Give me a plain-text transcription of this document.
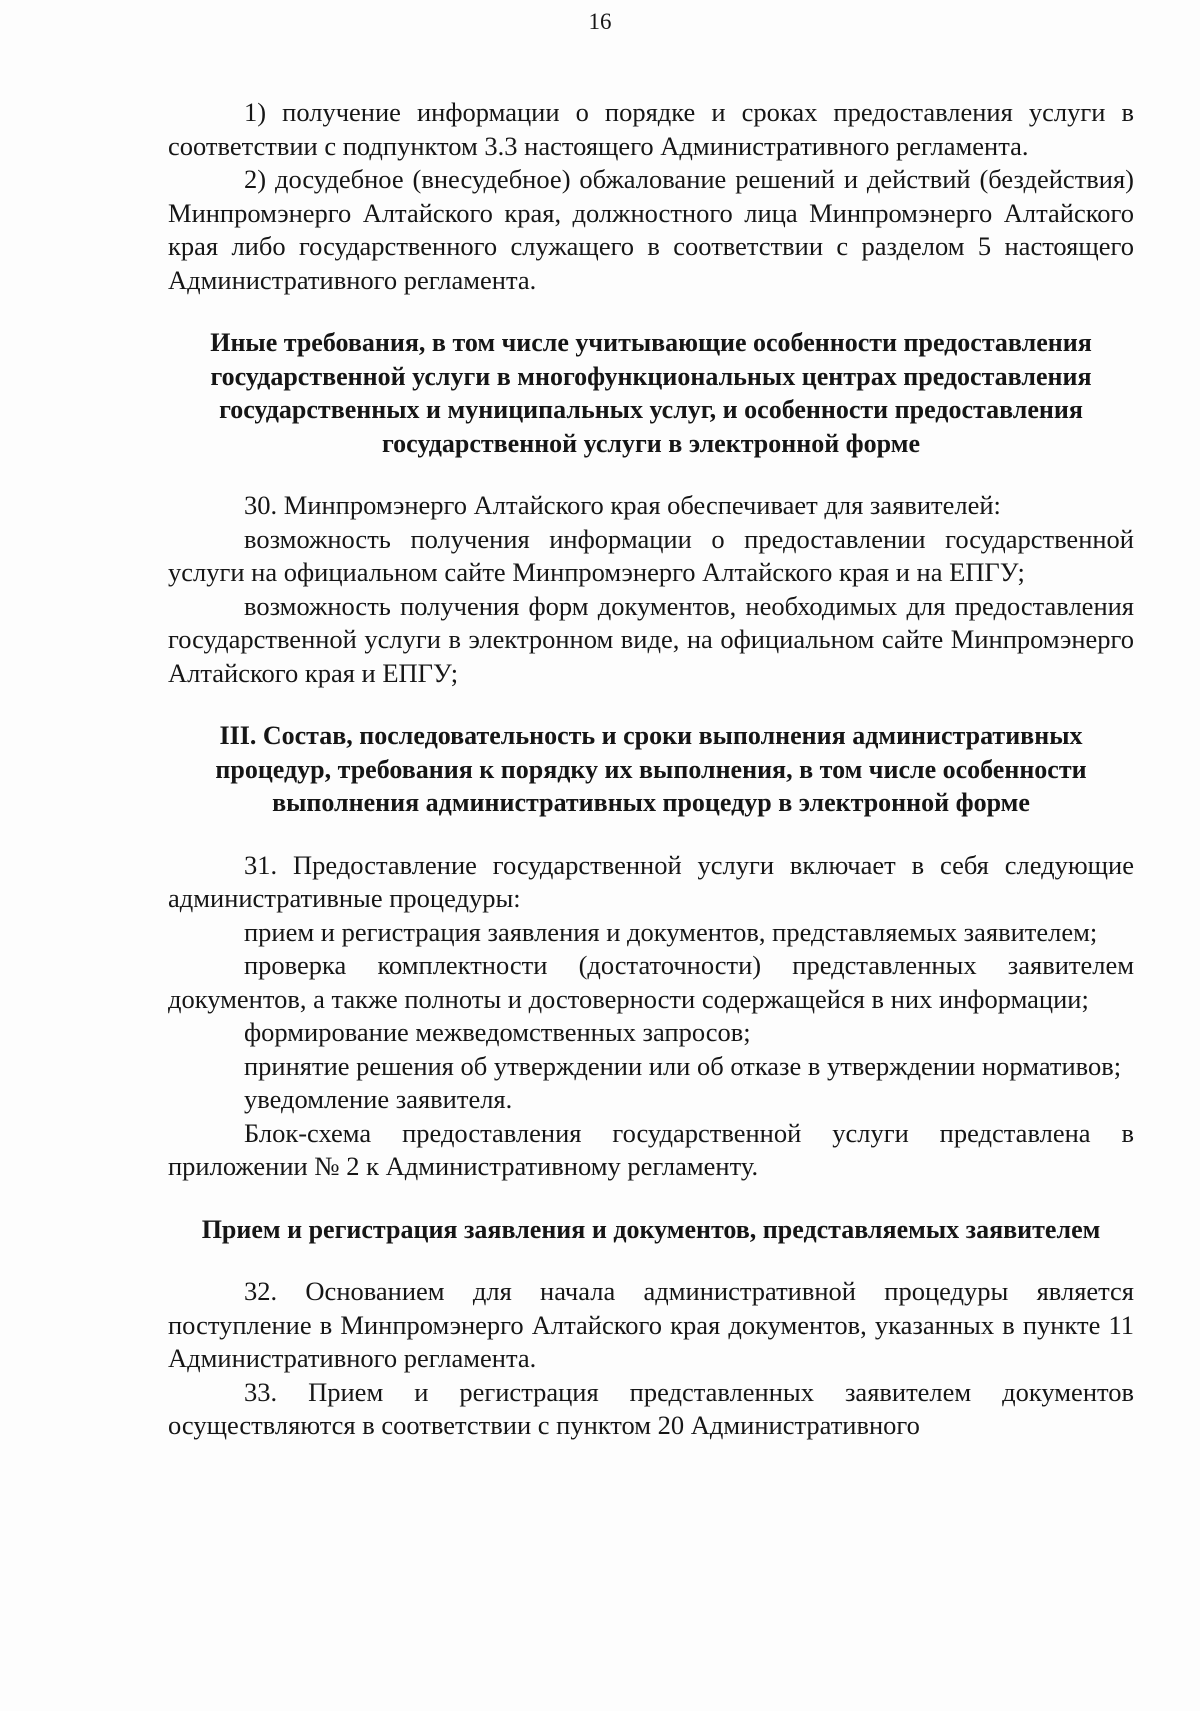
16

1) получение информации о порядке и сроках предоставления услуги в соответствии с подпунктом 3.3 настоящего Административного регламента.

2) досудебное (внесудебное) обжалование решений и действий (бездействия) Минпромэнерго Алтайского края, должностного лица Минпромэнерго Алтайского края либо государственного служащего в соответствии с разделом 5 настоящего Административного регламента.

Иные требования, в том числе учитывающие особенности предоставления государственной услуги в многофункциональных центрах предоставления государственных и муниципальных услуг, и особенности предоставления государственной услуги в электронной форме

30. Минпромэнерго Алтайского края обеспечивает для заявителей:

возможность получения информации о предоставлении государственной услуги на официальном сайте Минпромэнерго Алтайского края и на ЕПГУ;

возможность получения форм документов, необходимых для предоставления государственной услуги в электронном виде, на официальном сайте Минпромэнерго Алтайского края и ЕПГУ;

III. Состав, последовательность и сроки выполнения административных процедур, требования к порядку их выполнения, в том числе особенности выполнения административных процедур в электронной форме

31. Предоставление государственной услуги включает в себя следующие административные процедуры:

прием и регистрация заявления и документов, представляемых заявителем;

проверка комплектности (достаточности) представленных заявителем документов, а также полноты и достоверности содержащейся в них информации;

формирование межведомственных запросов;

принятие решения об утверждении или об отказе в утверждении нормативов;

уведомление заявителя.

Блок-схема предоставления государственной услуги представлена в приложении № 2 к Административному регламенту.

Прием и регистрация заявления и документов, представляемых заявителем

32. Основанием для начала административной процедуры является поступление в Минпромэнерго Алтайского края документов, указанных в пункте 11 Административного регламента.

33. Прием и регистрация представленных заявителем документов осуществляются в соответствии с пунктом 20 Административного
